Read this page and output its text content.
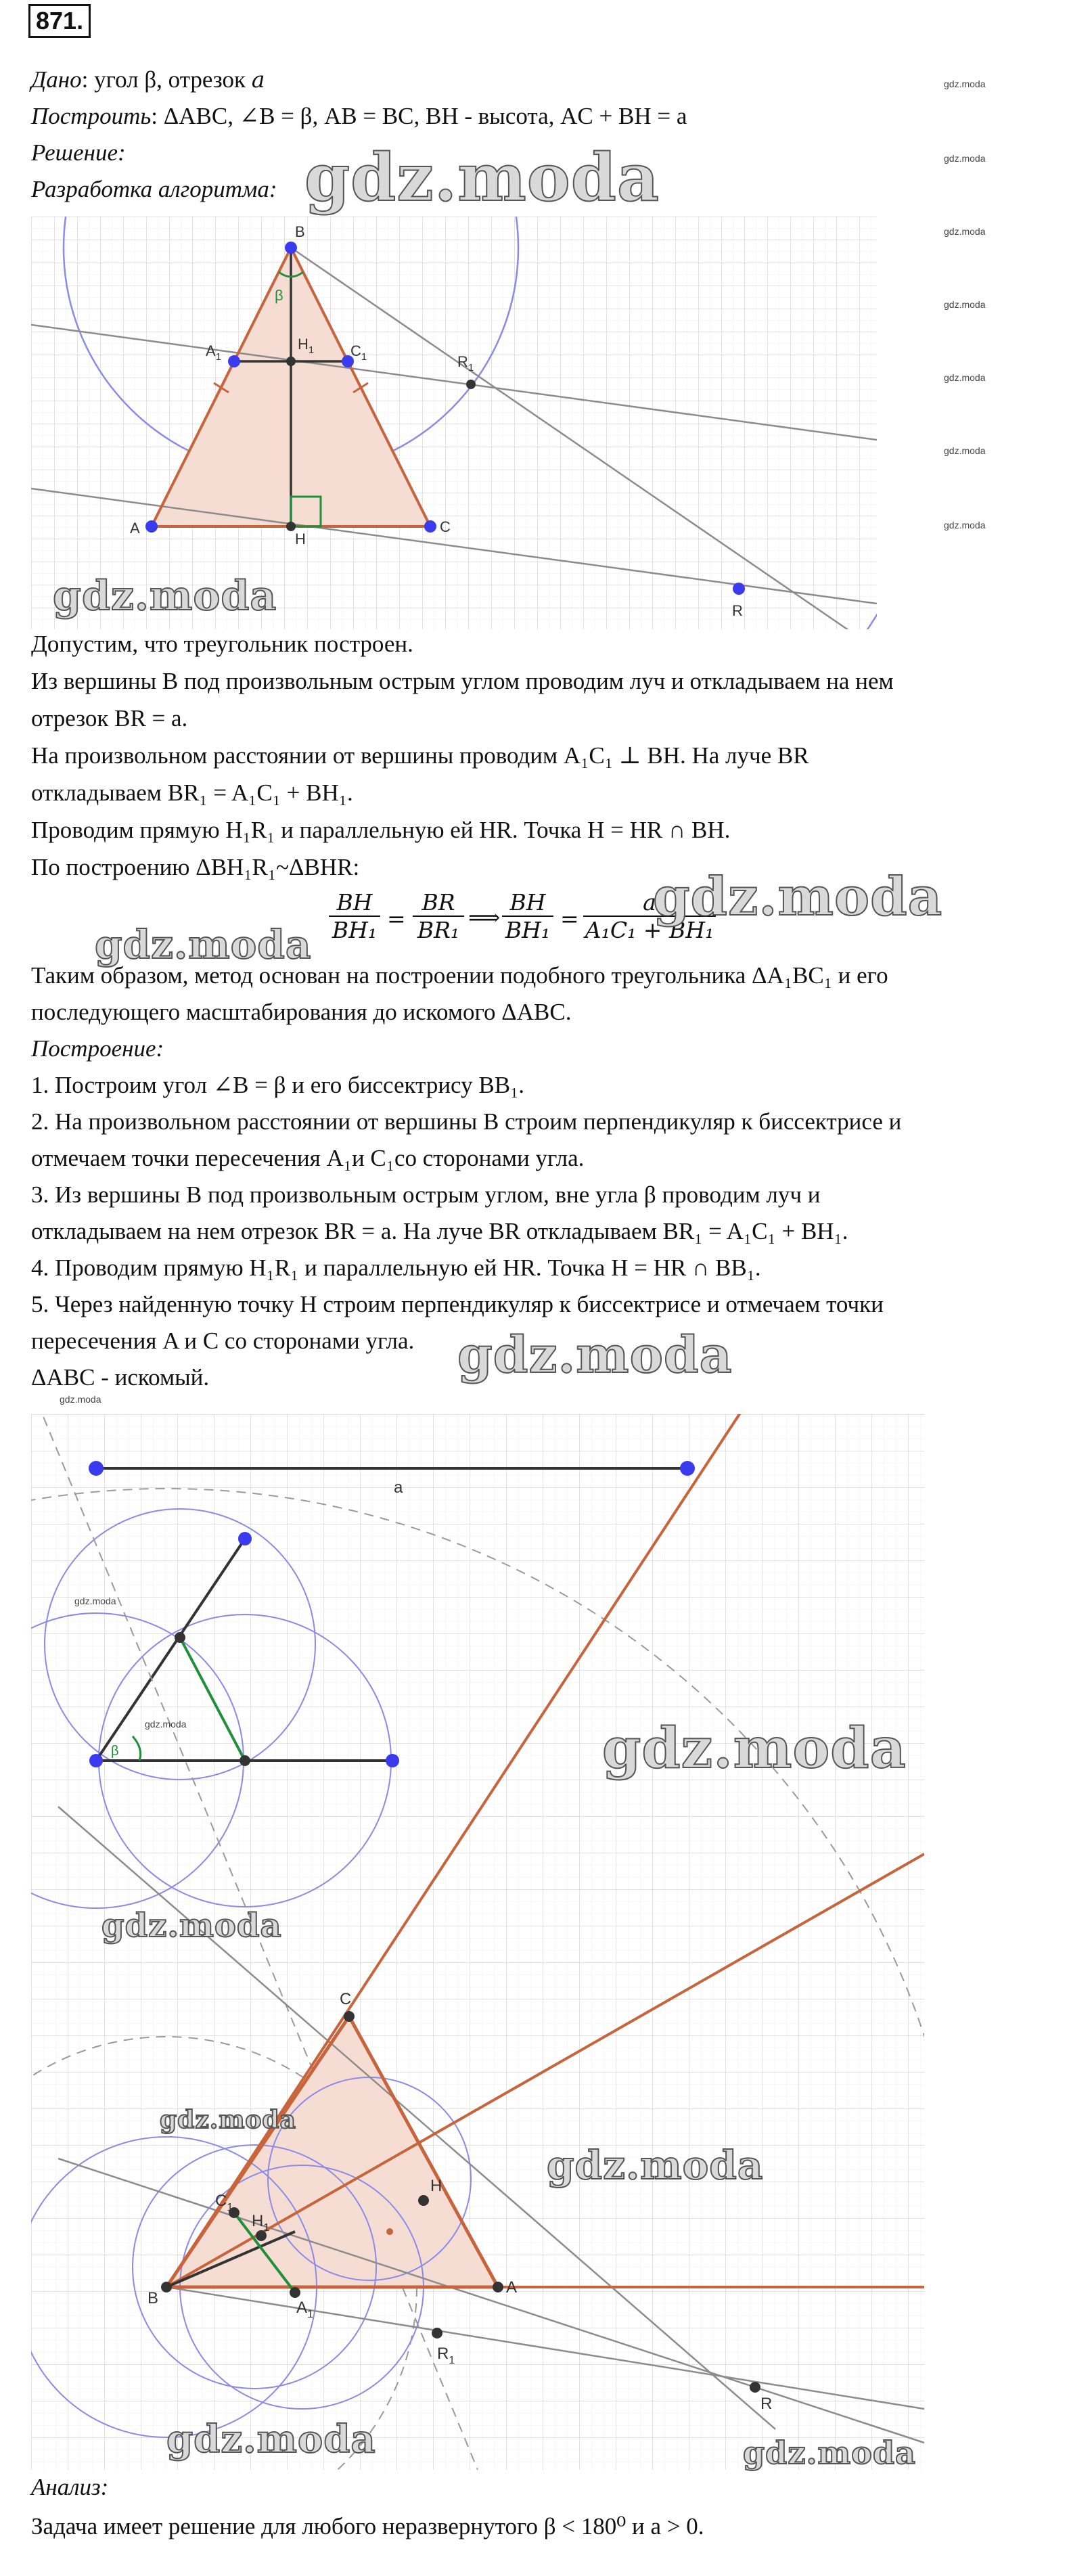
871.
Дано: угол β, отрезок a
Построить: ΔABC, ∠B = β, AB = BC, BH - высота, AC + BH = a
Решение:
Разработка алгоритма:
gdz.moda
gdz.moda
gdz.moda
gdz.moda
gdz.moda
gdz.moda
gdz.moda
B
β
$A_1$	$C_1$
$H_1$
$R_1$
A
H
C
R
Допустим, что треугольник построен.
Из вершины B под произвольным острым углом проводим луч и откладываем на нем
отрезок BR = a.
На произвольном расстоянии от вершины проводим A₁C₁ ⊥ BH. На луче BR
откладываем BR₁ = A₁C₁ + BH₁.
Проводим прямую H₁R₁ и параллельную ей HR. Точка H = HR ∩ BH.
По построению ΔBH₁R₁~ΔBHR:
$\frac{BH}{\text{BH₁}} = \frac{BR}{\text{BR₁}}$ ⟹ $\frac{BH}{\text{BH₁}} = \frac{a}{\text{A₁C₁ + BH₁}}$
Таким образом, метод основан на построении подобного треугольника ΔA₁BC₁ и его
последующего масштабирования до искомого ΔABC.
Построение:
1. Построим угол ∠B = β и его биссектрису BB₁.
2. На произвольном расстоянии от вершины B строим перпендикуляр к биссектрисе и
отмечаем точки пересечения A₁и C₁со сторонами угла.
3. Из вершины B под произвольным острым углом, вне угла β проводим луч и
откладываем на нем отрезок BR = a. На луче BR откладываем BR₁ = A₁C₁ + BH₁.
4. Проводим прямую H₁R₁ и параллельную ей HR. Точка H = HR ∩ BB₁.
5. Через найденную точку H строим перпендикуляр к биссектрисе и отмечаем точки
пересечения A и C со сторонами угла.
ΔABC - искомый.
a
β
C
H
$C_1$
$H_1$
B
$A_1$
A
$R_1$
R
Анализ:
Задача имеет решение для любого неразвернутого β < 180⁰ и a > 0.
gdz.moda
gdz.moda
gdz.moda
gdz.moda
gdz.moda
gdz.moda
gdz.moda
gdz.moda	gdz.moda
gdz.moda
gdz.moda
gdz.moda
gdz.moda	gdz.moda
